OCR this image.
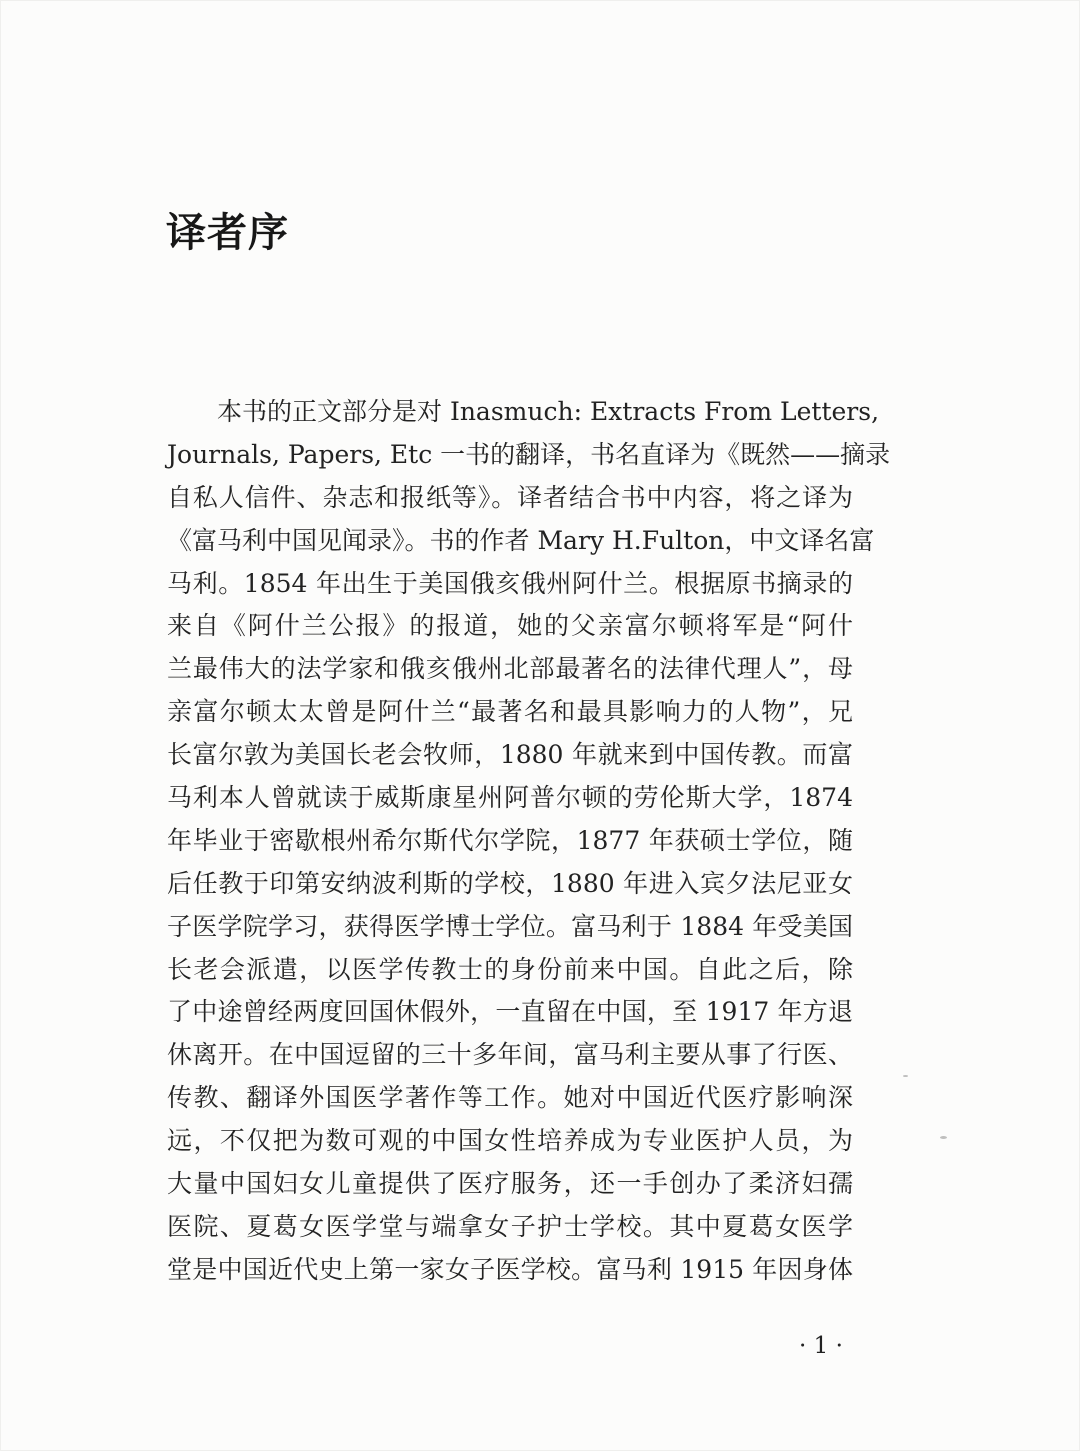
译者序
本书的正文部分是对 Inasmuch: Extracts From Letters,
Journals, Papers, Etc 一书的翻译，书名直译为《既然——摘录
自私人信件、杂志和报纸等》。译者结合书中内容，将之译为
《富马利中国见闻录》。书的作者 Mary H.Fulton，中文译名富
马利。1854 年出生于美国俄亥俄州阿什兰。根据原书摘录的
来自《阿什兰公报》的报道，她的父亲富尔顿将军是“阿什
兰最伟大的法学家和俄亥俄州北部最著名的法律代理人”，母
亲富尔顿太太曾是阿什兰“最著名和最具影响力的人物”，兄
长富尔敦为美国长老会牧师，1880 年就来到中国传教。而富
马利本人曾就读于威斯康星州阿普尔顿的劳伦斯大学，1874
年毕业于密歇根州希尔斯代尔学院，1877 年获硕士学位，随
后任教于印第安纳波利斯的学校，1880 年进入宾夕法尼亚女
子医学院学习，获得医学博士学位。富马利于 1884 年受美国
长老会派遣，以医学传教士的身份前来中国。自此之后，除
了中途曾经两度回国休假外，一直留在中国，至 1917 年方退
休离开。在中国逗留的三十多年间，富马利主要从事了行医、
传教、翻译外国医学著作等工作。她对中国近代医疗影响深
远，不仅把为数可观的中国女性培养成为专业医护人员，为
大量中国妇女儿童提供了医疗服务，还一手创办了柔济妇孺
医院、夏葛女医学堂与端拿女子护士学校。其中夏葛女医学
堂是中国近代史上第一家女子医学校。富马利 1915 年因身体
· 1 ·
